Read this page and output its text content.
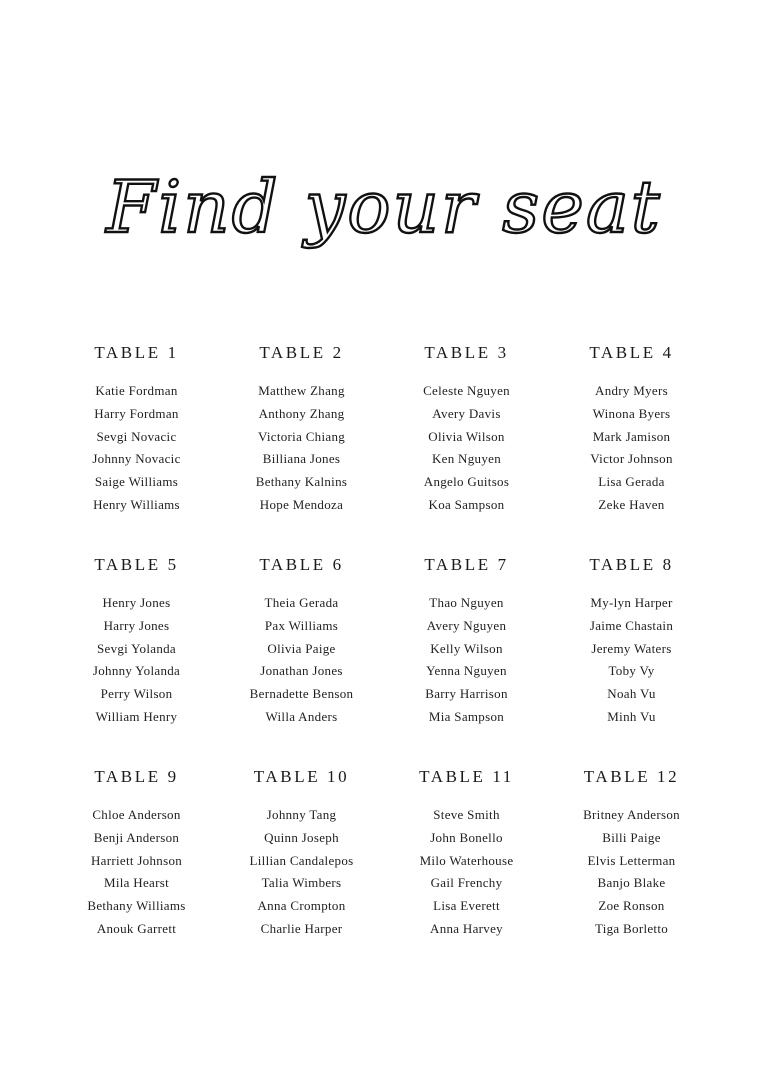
Find your seat
TABLE 1
Katie Fordman
Harry Fordman
Sevgi Novacic
Johnny Novacic
Saige Williams
Henry Williams
TABLE 2
Matthew Zhang
Anthony Zhang
Victoria Chiang
Billiana Jones
Bethany Kalnins
Hope Mendoza
TABLE 3
Celeste Nguyen
Avery Davis
Olivia Wilson
Ken Nguyen
Angelo Guitsos
Koa Sampson
TABLE 4
Andry Myers
Winona Byers
Mark Jamison
Victor Johnson
Lisa Gerada
Zeke Haven
TABLE 5
Henry Jones
Harry Jones
Sevgi Yolanda
Johnny Yolanda
Perry Wilson
William Henry
TABLE 6
Theia Gerada
Pax Williams
Olivia Paige
Jonathan Jones
Bernadette Benson
Willa Anders
TABLE 7
Thao Nguyen
Avery Nguyen
Kelly Wilson
Yenna Nguyen
Barry Harrison
Mia Sampson
TABLE 8
My-lyn Harper
Jaime Chastain
Jeremy Waters
Toby Vy
Noah Vu
Minh Vu
TABLE 9
Chloe Anderson
Benji Anderson
Harriett Johnson
Mila Hearst
Bethany Williams
Anouk Garrett
TABLE 10
Johnny Tang
Quinn Joseph
Lillian Candalepos
Talia Wimbers
Anna Crompton
Charlie Harper
TABLE 11
Steve Smith
John Bonello
Milo Waterhouse
Gail Frenchy
Lisa Everett
Anna Harvey
TABLE 12
Britney Anderson
Billi Paige
Elvis Letterman
Banjo Blake
Zoe Ronson
Tiga Borletto
